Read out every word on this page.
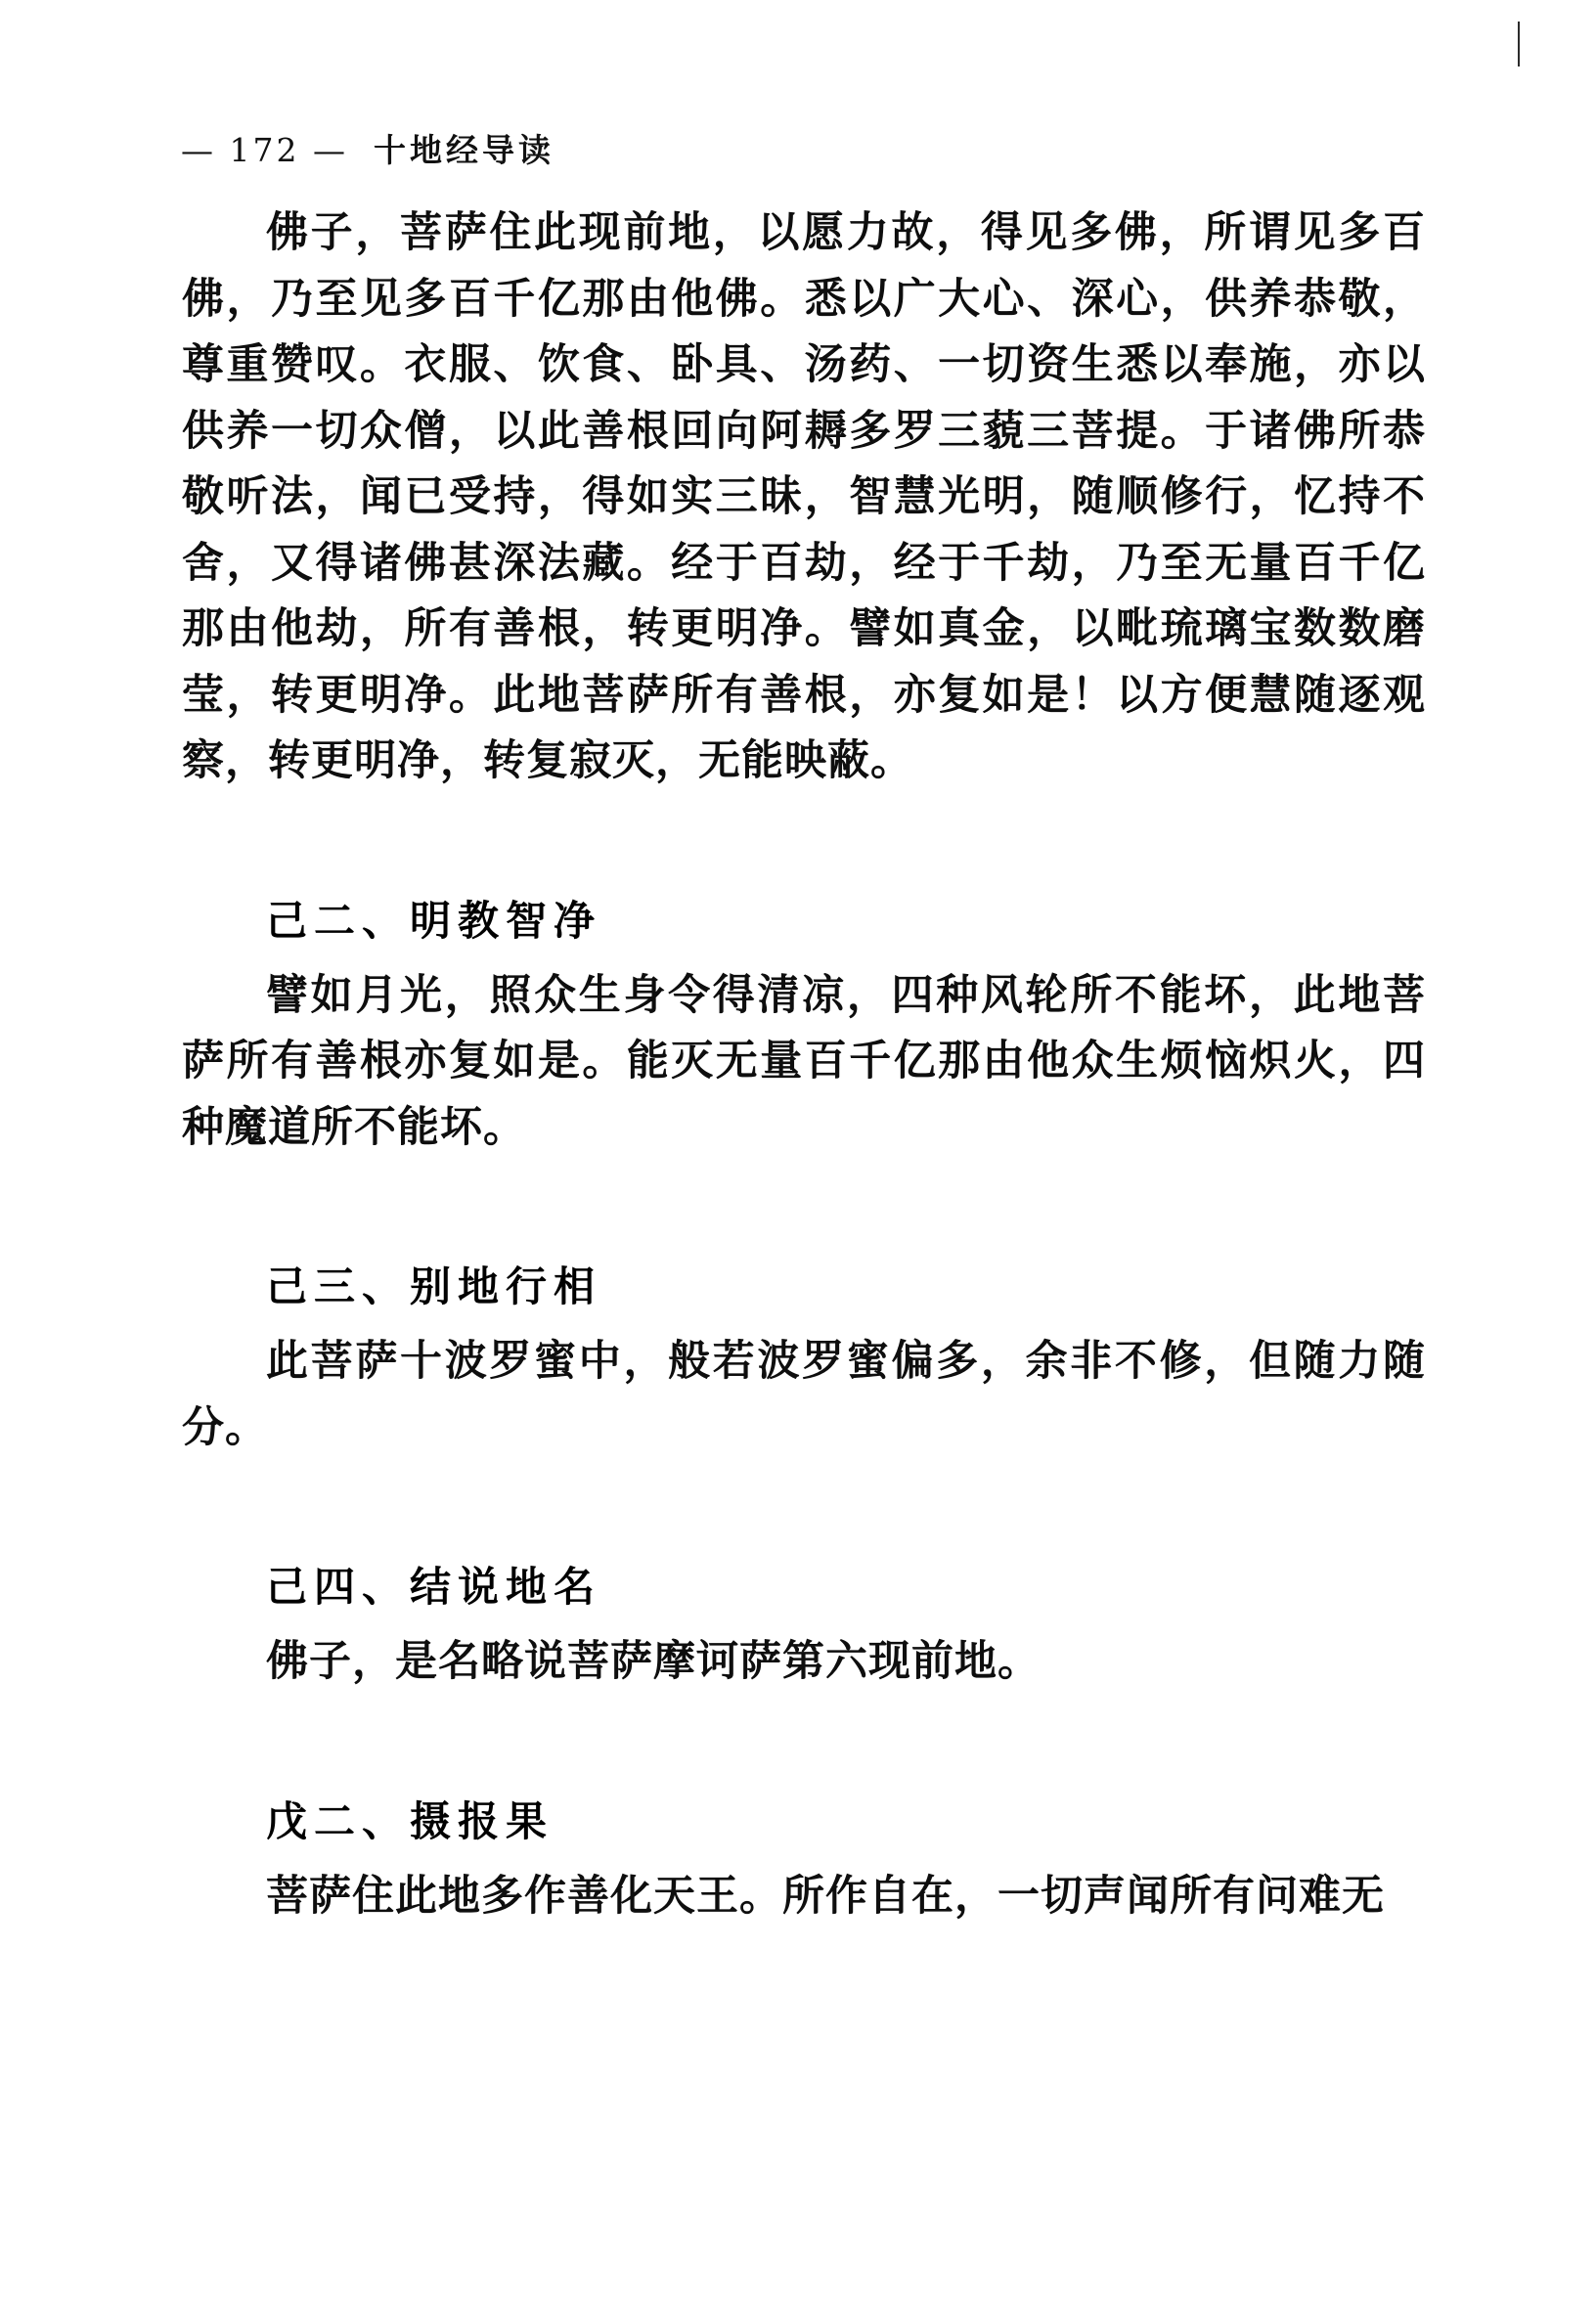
— 172 — 十地经导读

佛子，菩萨住此现前地，以愿力故，得见多佛，所谓见多百佛，乃至见多百千亿那由他佛。悉以广大心、深心，供养恭敬，尊重赞叹。衣服、饮食、卧具、汤药、一切资生悉以奉施，亦以供养一切众僧，以此善根回向阿耨多罗三藐三菩提。于诸佛所恭敬听法，闻已受持，得如实三昧，智慧光明，随顺修行，忆持不舍，又得诸佛甚深法藏。经于百劫，经于千劫，乃至无量百千亿那由他劫，所有善根，转更明净。譬如真金，以毗琉璃宝数数磨莹，转更明净。此地菩萨所有善根，亦复如是！以方便慧随逐观察，转更明净，转复寂灭，无能映蔽。

己二、明教智净

譬如月光，照众生身令得清凉，四种风轮所不能坏，此地菩萨所有善根亦复如是。能灭无量百千亿那由他众生烦恼炽火，四种魔道所不能坏。

己三、别地行相

此菩萨十波罗蜜中，般若波罗蜜偏多，余非不修，但随力随分。

己四、结说地名

佛子，是名略说菩萨摩诃萨第六现前地。

戊二、摄报果

菩萨住此地多作善化天王。所作自在，一切声闻所有问难无
